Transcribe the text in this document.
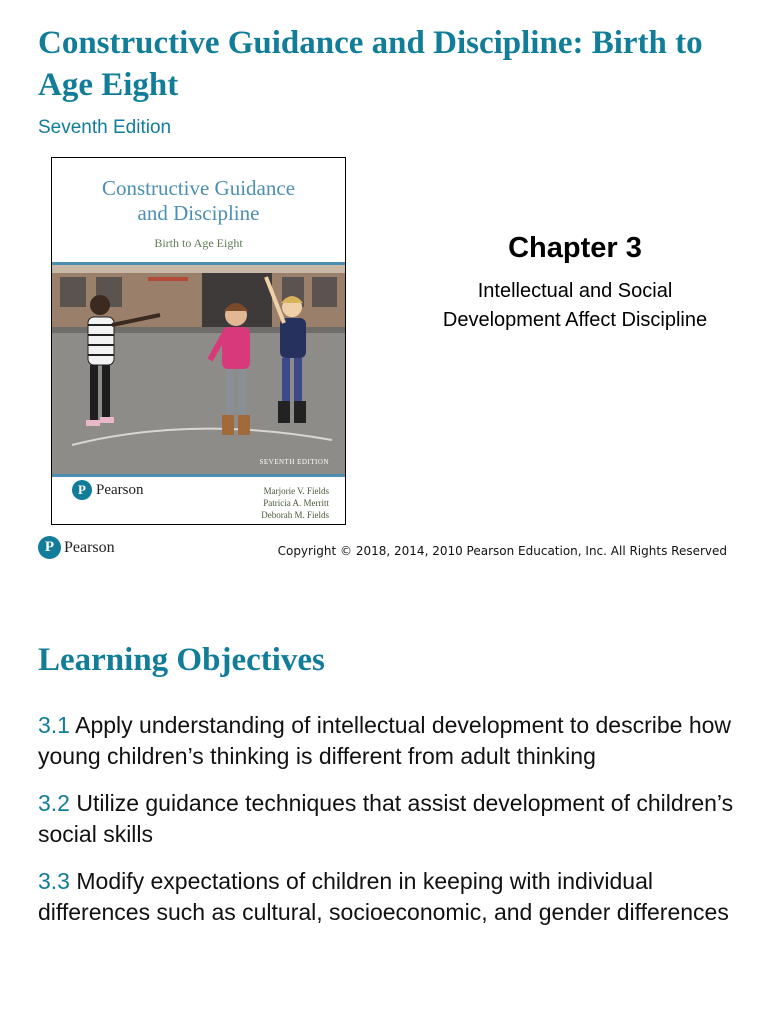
Constructive Guidance and Discipline: Birth to Age Eight
Seventh Edition
Constructive Guidance
and Discipline
Birth to Age Eight
SEVENTH EDITION
P Pearson	Marjorie V. Fields
Patricia A. Merritt
Deborah M. Fields
Chapter 3
Intellectual and Social Development Affect Discipline
P Pearson	Copyright © 2018, 2014, 2010 Pearson Education, Inc. All Rights Reserved
Learning Objectives

3.1 Apply understanding of intellectual development to describe how young children’s thinking is different from adult thinking

3.2 Utilize guidance techniques that assist development of children’s social skills

3.3 Modify expectations of children in keeping with individual differences such as cultural, socioeconomic, and gender differences
